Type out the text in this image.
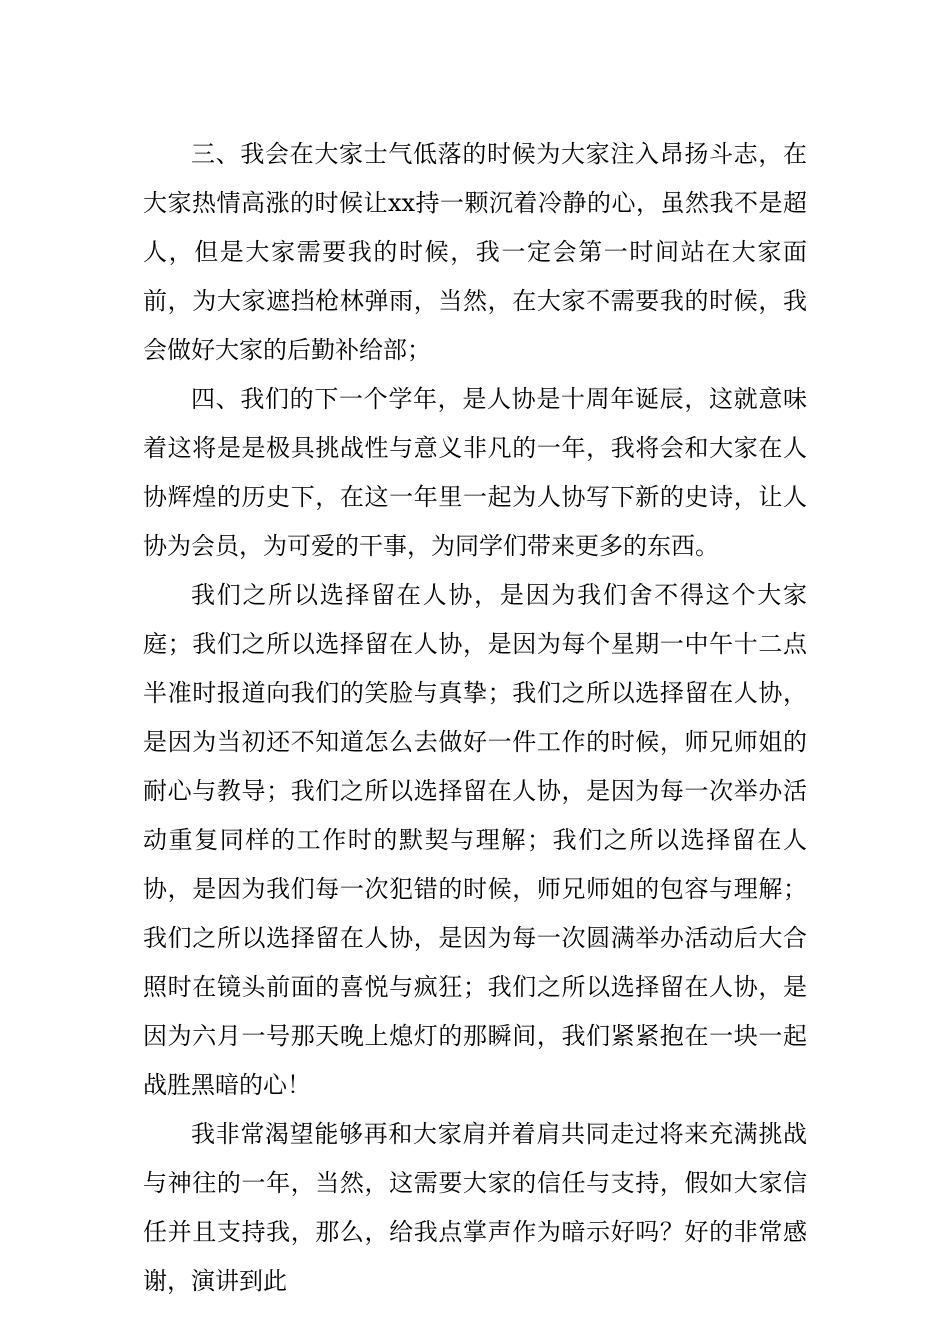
三、我会在大家士气低落的时候为大家注入昂扬斗志，在大家热情高涨的时候让xx持一颗沉着冷静的心，虽然我不是超人，但是大家需要我的时候，我一定会第一时间站在大家面前，为大家遮挡枪林弹雨，当然，在大家不需要我的时候，我会做好大家的后勤补给部；

四、我们的下一个学年，是人协是十周年诞辰，这就意味着这将是是极具挑战性与意义非凡的一年，我将会和大家在人协辉煌的历史下，在这一年里一起为人协写下新的史诗，让人协为会员，为可爱的干事，为同学们带来更多的东西。

我们之所以选择留在人协，是因为我们舍不得这个大家庭；我们之所以选择留在人协，是因为每个星期一中午十二点半准时报道向我们的笑脸与真挚；我们之所以选择留在人协，是因为当初还不知道怎么去做好一件工作的时候，师兄师姐的耐心与教导；我们之所以选择留在人协，是因为每一次举办活动重复同样的工作时的默契与理解；我们之所以选择留在人协，是因为我们每一次犯错的时候，师兄师姐的包容与理解；我们之所以选择留在人协，是因为每一次圆满举办活动后大合照时在镜头前面的喜悦与疯狂；我们之所以选择留在人协，是因为六月一号那天晚上熄灯的那瞬间，我们紧紧抱在一块一起战胜黑暗的心！

我非常渴望能够再和大家肩并着肩共同走过将来充满挑战与神往的一年，当然，这需要大家的信任与支持，假如大家信任并且支持我，那么，给我点掌声作为暗示好吗？好的非常感谢，演讲到此
